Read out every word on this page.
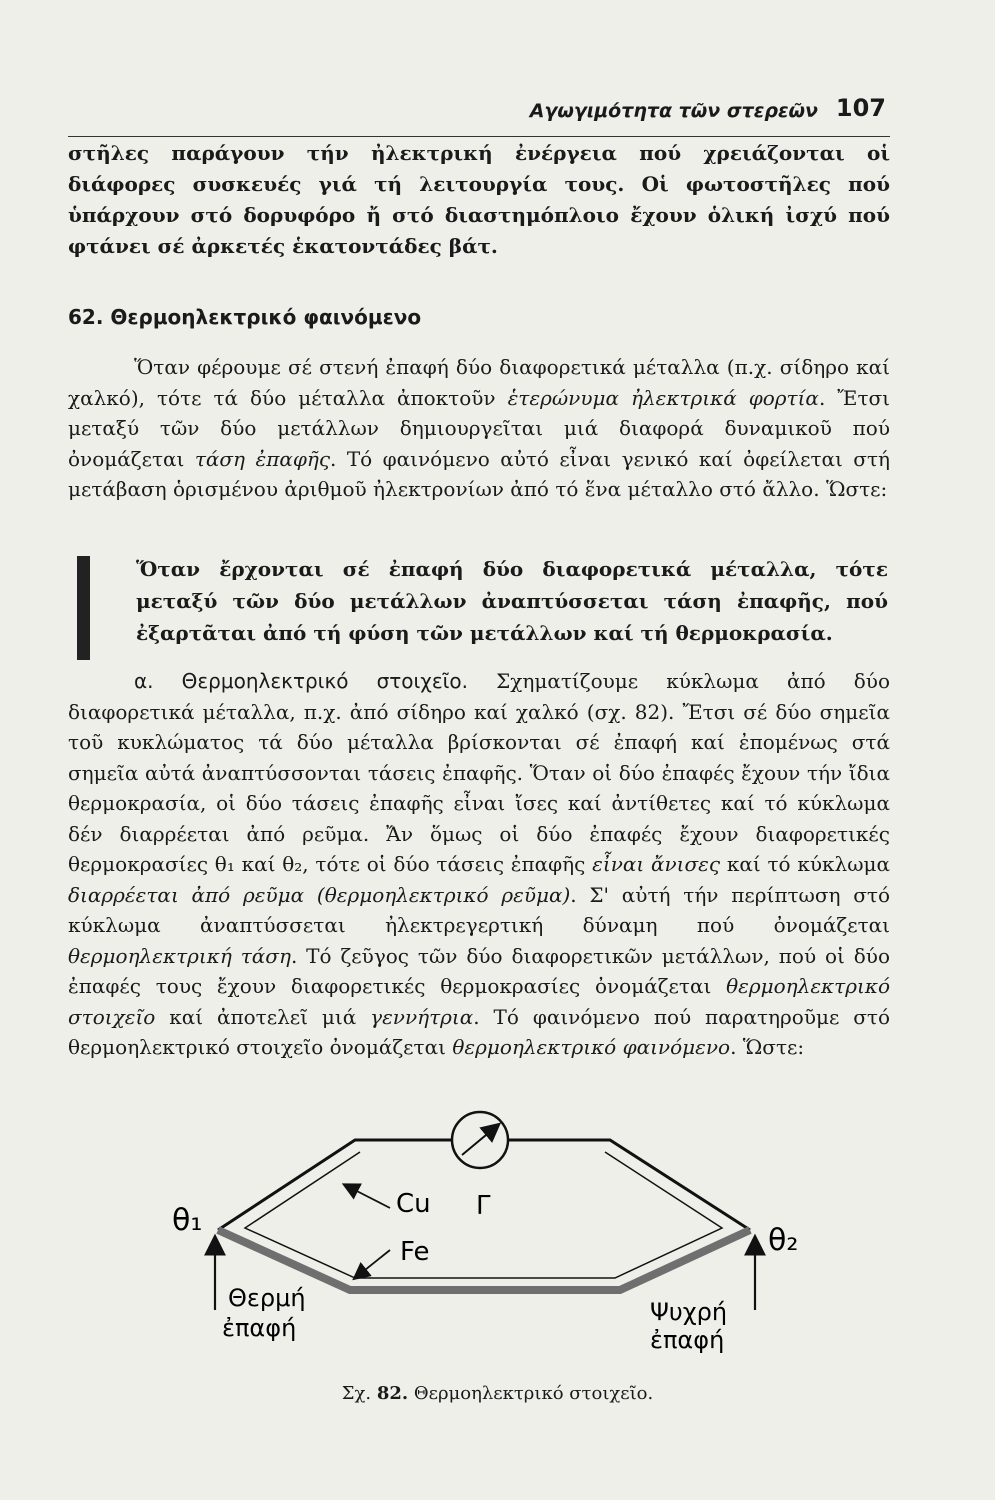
Αγωγιμότητα τῶν στερεῶν 107

στῆλες παράγουν τήν ἠλεκτρική ἐνέργεια πού χρειάζονται οἱ διάφορες συσκευές γιά τή λειτουργία τους. Οἱ φωτοστῆλες πού ὑπάρχουν στό δορυφόρο ἤ στό διαστημόπλοιο ἔχουν ὁλική ἰσχύ πού φτάνει σέ ἀρκετές ἑκατοντάδες βάτ.

62. Θερμοηλεκτρικό φαινόμενο

Ὅταν φέρουμε σέ στενή ἐπαφή δύο διαφορετικά μέταλλα (π.χ. σίδηρο καί χαλκό), τότε τά δύο μέταλλα ἀποκτοῦν ἑτερώνυμα ἠλεκτρικά φορτία. Ἔτσι μεταξύ τῶν δύο μετάλλων δημιουργεῖται μιά διαφορά δυναμικοῦ πού ὀνομάζεται τάση ἐπαφῆς. Τό φαινόμενο αὐτό εἶναι γενικό καί ὀφείλεται στή μετάβαση ὁρισμένου ἀριθμοῦ ἠλεκτρονίων ἀπό τό ἕνα μέταλλο στό ἄλλο. Ὥστε:

Ὅταν ἔρχονται σέ ἐπαφή δύο διαφορετικά μέταλλα, τότε μεταξύ τῶν δύο μετάλλων ἀναπτύσσεται τάση ἐπαφῆς, πού ἐξαρτᾶται ἀπό τή φύση τῶν μετάλλων καί τή θερμοκρασία.

α. Θερμοηλεκτρικό στοιχεῖο. Σχηματίζουμε κύκλωμα ἀπό δύο διαφορετικά μέταλλα, π.χ. ἀπό σίδηρο καί χαλκό (σχ. 82). Ἔτσι σέ δύο σημεῖα τοῦ κυκλώματος τά δύο μέταλλα βρίσκονται σέ ἐπαφή καί ἐπομένως στά σημεῖα αὐτά ἀναπτύσσονται τάσεις ἐπαφῆς. Ὅταν οἱ δύο ἐπαφές ἔχουν τήν ἴδια θερμοκρασία, οἱ δύο τάσεις ἐπαφῆς εἶναι ἴσες καί ἀντίθετες καί τό κύκλωμα δέν διαρρέεται ἀπό ρεῦμα. Ἄν ὅμως οἱ δύο ἐπαφές ἔχουν διαφορετικές θερμοκρασίες θ₁ καί θ₂, τότε οἱ δύο τάσεις ἐπαφῆς εἶναι ἄνισες καί τό κύκλωμα διαρρέεται ἀπό ρεῦμα (θερμοηλεκτρικό ρεῦμα). Σ' αὐτή τήν περίπτωση στό κύκλωμα ἀναπτύσσεται ἠλεκτρεγερτική δύναμη πού ὀνομάζεται θερμοηλεκτρική τάση. Τό ζεῦγος τῶν δύο διαφορετικῶν μετάλλων, πού οἱ δύο ἐπαφές τους ἔχουν διαφορετικές θερμοκρασίες ὀνομάζεται θερμοηλεκτρικό στοιχεῖο καί ἀποτελεῖ μιά γεννήτρια. Τό φαινόμενο πού παρατηροῦμε στό θερμοηλεκτρικό στοιχεῖο ὀνομάζεται θερμοηλεκτρικό φαινόμενο. Ὥστε:

Cu Γ
Fe
θ₁
θ₂
Θερμή
ἐπαφή
Ψυχρή
ἐπαφή
Σχ. 82. Θερμοηλεκτρικό στοιχεῖο.
